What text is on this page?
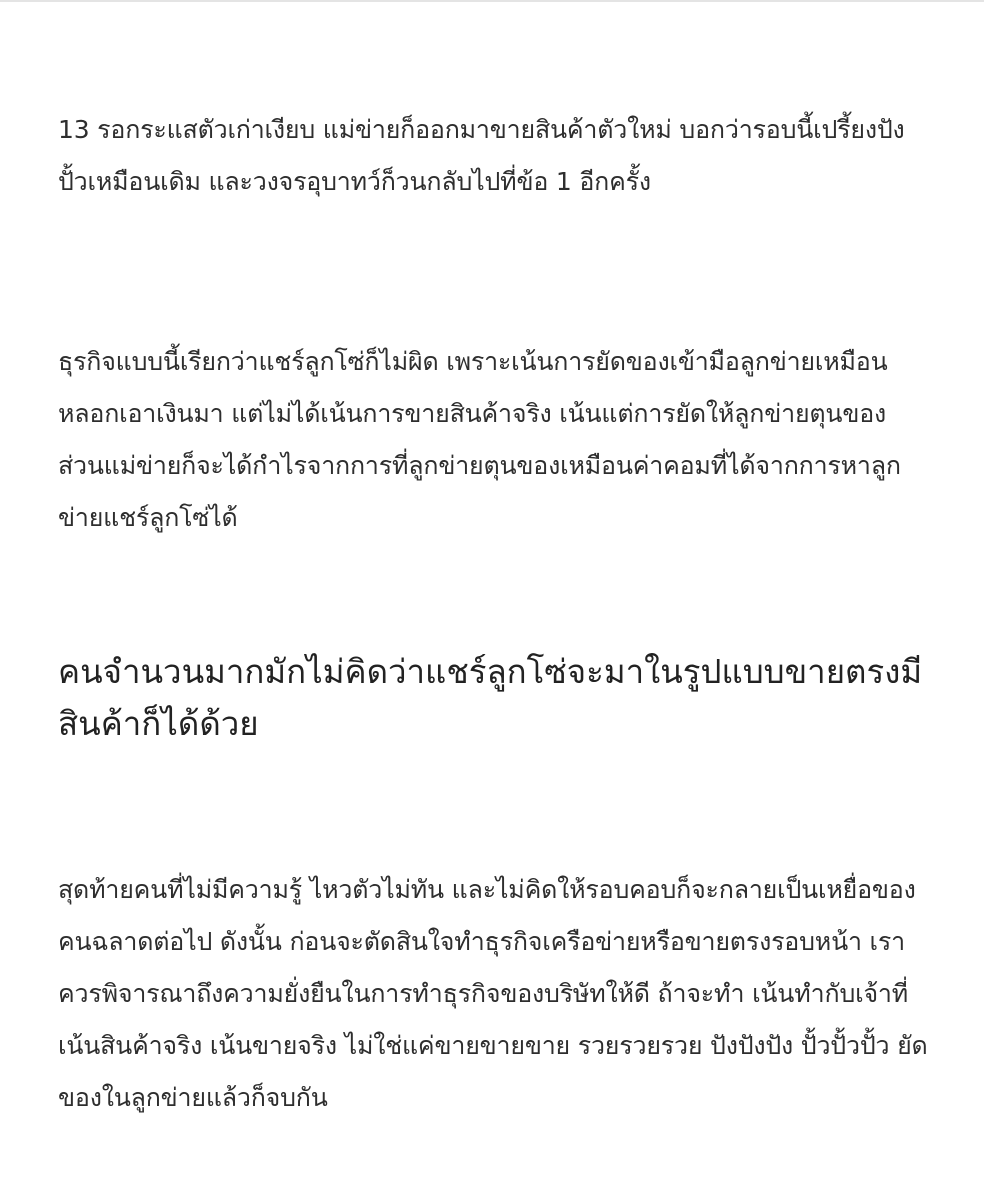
13 รอกระแสตัวเก่าเงียบ แม่ข่ายก็ออกมาขายสินค้าตัวใหม่ บอกว่ารอบนี้เปรี้ยงปังปั้วเหมือนเดิม และวงจรอุบาทว์ก็วนกลับไปที่ข้อ 1 อีกครั้ง

ธุรกิจแบบนี้เรียกว่าแชร์ลูกโซ่ก็ไม่ผิด เพราะเน้นการยัดของเข้ามือลูกข่ายเหมือนหลอกเอาเงินมา แต่ไม่ได้เน้นการขายสินค้าจริง เน้นแต่การยัดให้ลูกข่ายตุนของ ส่วนแม่ข่ายก็จะได้กำไรจากการที่ลูกข่ายตุนของเหมือนค่าคอมที่ได้จากการหาลูกข่ายแชร์ลูกโซ่ได้

คนจำนวนมากมักไม่คิดว่าแชร์ลูกโซ่จะมาในรูปแบบขายตรงมีสินค้าก็ได้ด้วย

สุดท้ายคนที่ไม่มีความรู้ ไหวตัวไม่ทัน และไม่คิดให้รอบคอบก็จะกลายเป็นเหยื่อของคนฉลาดต่อไป ดังนั้น ก่อนจะตัดสินใจทำธุรกิจเครือข่ายหรือขายตรงรอบหน้า เราควรพิจารณาถึงความยั่งยืนในการทำธุรกิจของบริษัทให้ดี ถ้าจะทำ เน้นทำกับเจ้าที่เน้นสินค้าจริง เน้นขายจริง ไม่ใช่แค่ขายขายขาย รวยรวยรวย ปังปังปัง ปั้วปั้วปั้ว ยัดของในลูกข่ายแล้วก็จบกัน
